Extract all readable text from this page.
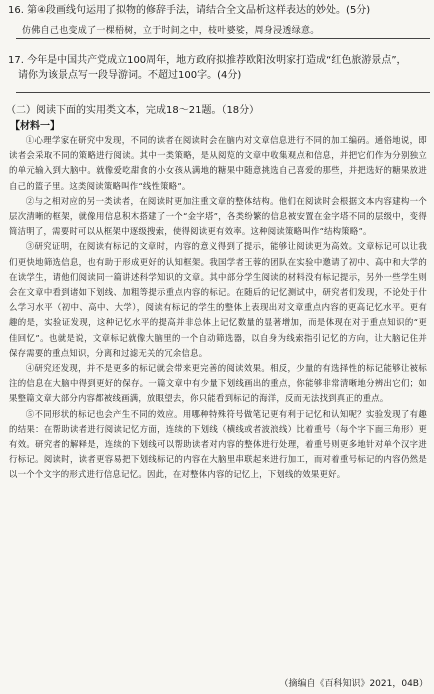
16. 第④段画线句运用了拟物的修辞手法，请结合全文品析这样表达的妙处。(5分)
仿佛自己也变成了一棵梧树，立于时间之中，枝叶婆娑，周身浸透绿意。
17. 今年是中国共产党成立100周年，地方政府拟推荐欧阳汝明家打造成“红色旅游景点”，
请你为该景点写一段导游词。不超过100字。(4分)
（二）阅读下面的实用类文本，完成18～21题。（18分）
【材料一】

①心理学家在研究中发现，不同的读者在阅读时会在脑内对文章信息进行不同的加工编码。通俗地说，即读者会采取不同的策略进行阅读。其中一类策略，是从阅览的文章中收集观点和信息，并把它们作为分别独立的单元输入到大脑中。就像爱吃甜食的小女孩从满地的糖果中随意挑选自己喜爱的那些，并把选好的糖果放进自己的篮子里。这类阅读策略叫作“线性策略”。

②与之相对应的另一类读者，在阅读时更加注重文章的整体结构。他们在阅读时会根据文本内容建构一个层次清晰的框架，就像用信息积木搭建了一个“金字塔”，各类纷繁的信息被安置在金字塔不同的层级中，变得简洁明了，需要时可以从框架中逐级搜索，使得阅读更有效率。这种阅读策略叫作“结构策略”。

③研究证明，在阅读有标记的文章时，内容的意义得到了提示，能够让阅读更为高效。文章标记可以让我们更快地筛选信息，也有助于形成更好的认知框架。我国学者王蓉的团队在实验中邀请了初中、高中和大学的在读学生，请他们阅读同一篇讲述科学知识的文章。其中部分学生阅读的材料没有标记提示，另外一些学生则会在文章中看到诸如下划线、加粗等提示重点内容的标记。在随后的记忆测试中，研究者们发现，不论处于什么学习水平（初中、高中、大学），阅读有标记的学生的整体上表现出对文章重点内容的更高记忆水平。更有趣的是，实验证发现，这种记忆水平的提高并非总体上记忆数量的显著增加，而是体现在对于重点知识的“更佳回忆”。也就是说，文章标记就像大脑里的一个自动筛选器，以自身为线索指引记忆的方向，让大脑记住并保存需要的重点知识，分离和过滤无关的冗余信息。

④研究还发现，并不是更多的标记就会带来更完善的阅读效果。相反，少量的有选择性的标记能够让被标注的信息在大脑中得到更好的保存。一篇文章中有少量下划线画出的重点，你能够非常清晰地分辨出它们；如果整篇文章大部分内容都被线画满，放眼望去，你只能看到标记的海洋，反而无法找到真正的重点。

⑤不同形状的标记也会产生不同的效应。用哪种特殊符号做笔记更有利于记忆和认知呢？实验发现了有趣的结果：在帮助读者进行阅读记忆方面，连续的下划线（横线或者波浪线）比着重号（每个字下面三角形）更有效。研究者的解释是，连续的下划线可以帮助读者对内容的整体进行处理，着重号则更多地针对单个汉字进行标记。阅读时，读者更容易把下划线标记的内容在大脑里串联起来进行加工，而对着重号标记的内容仍然是以一个个文字的形式进行信息记忆。因此，在对整体内容的记忆上，下划线的效果更好。

（摘编自《百科知识》2021，04B）
